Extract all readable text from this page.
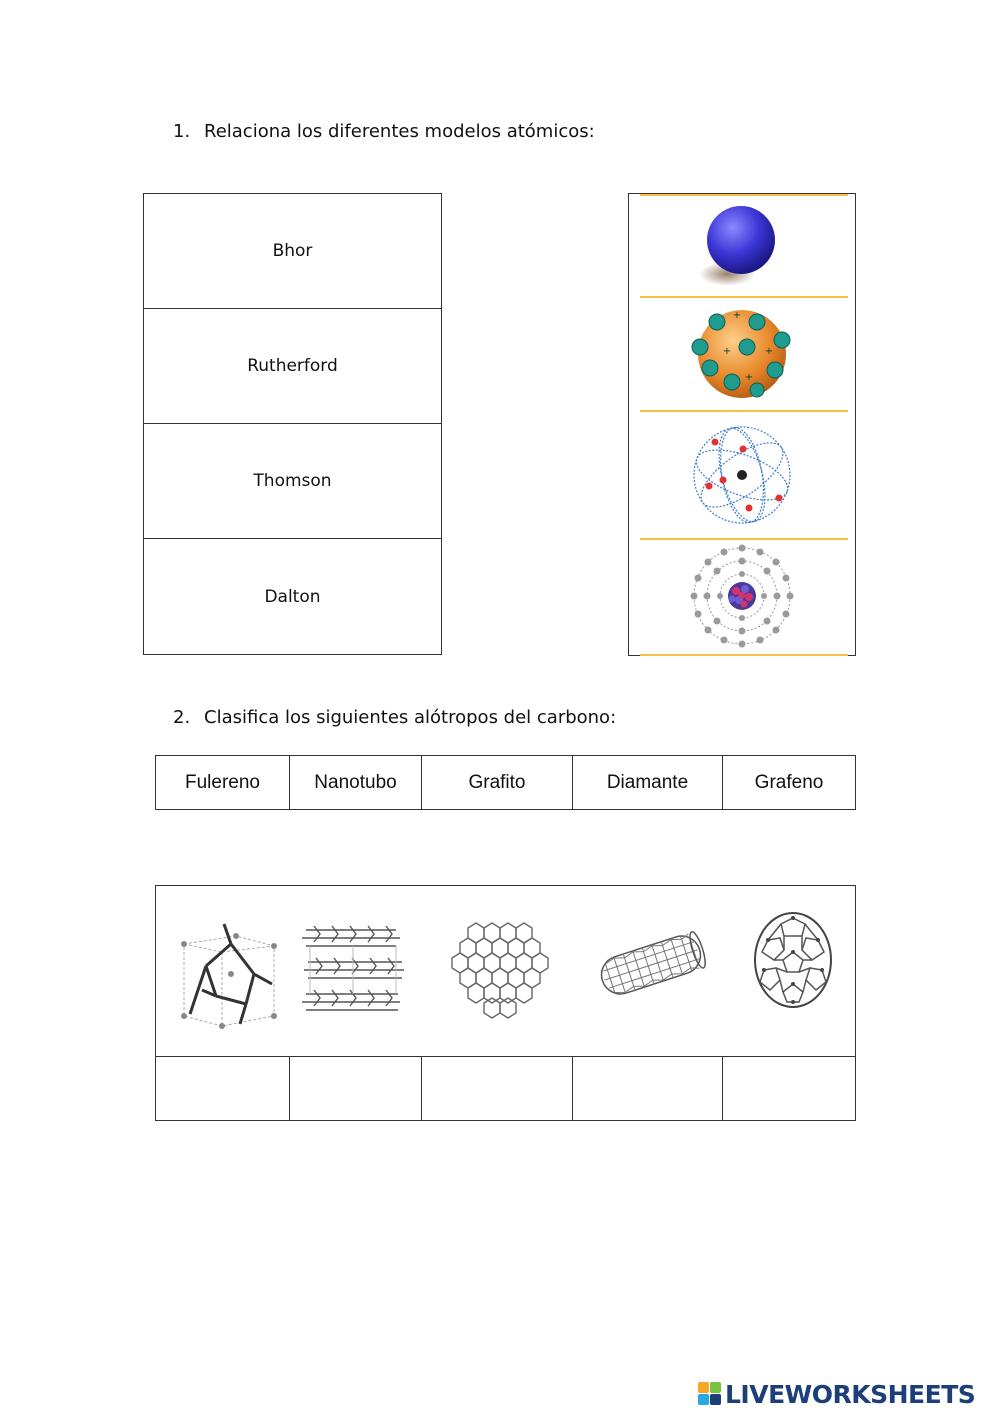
1. Relaciona los diferentes modelos atómicos:
Bhor
Rutherford
Thomson
Dalton
+
+
+
+
2. Clasifica los siguientes alótropos del carbono:
Fulereno	Nanotubo	Grafito	Diamante	Grafeno
LIVEWORKSHEETS
